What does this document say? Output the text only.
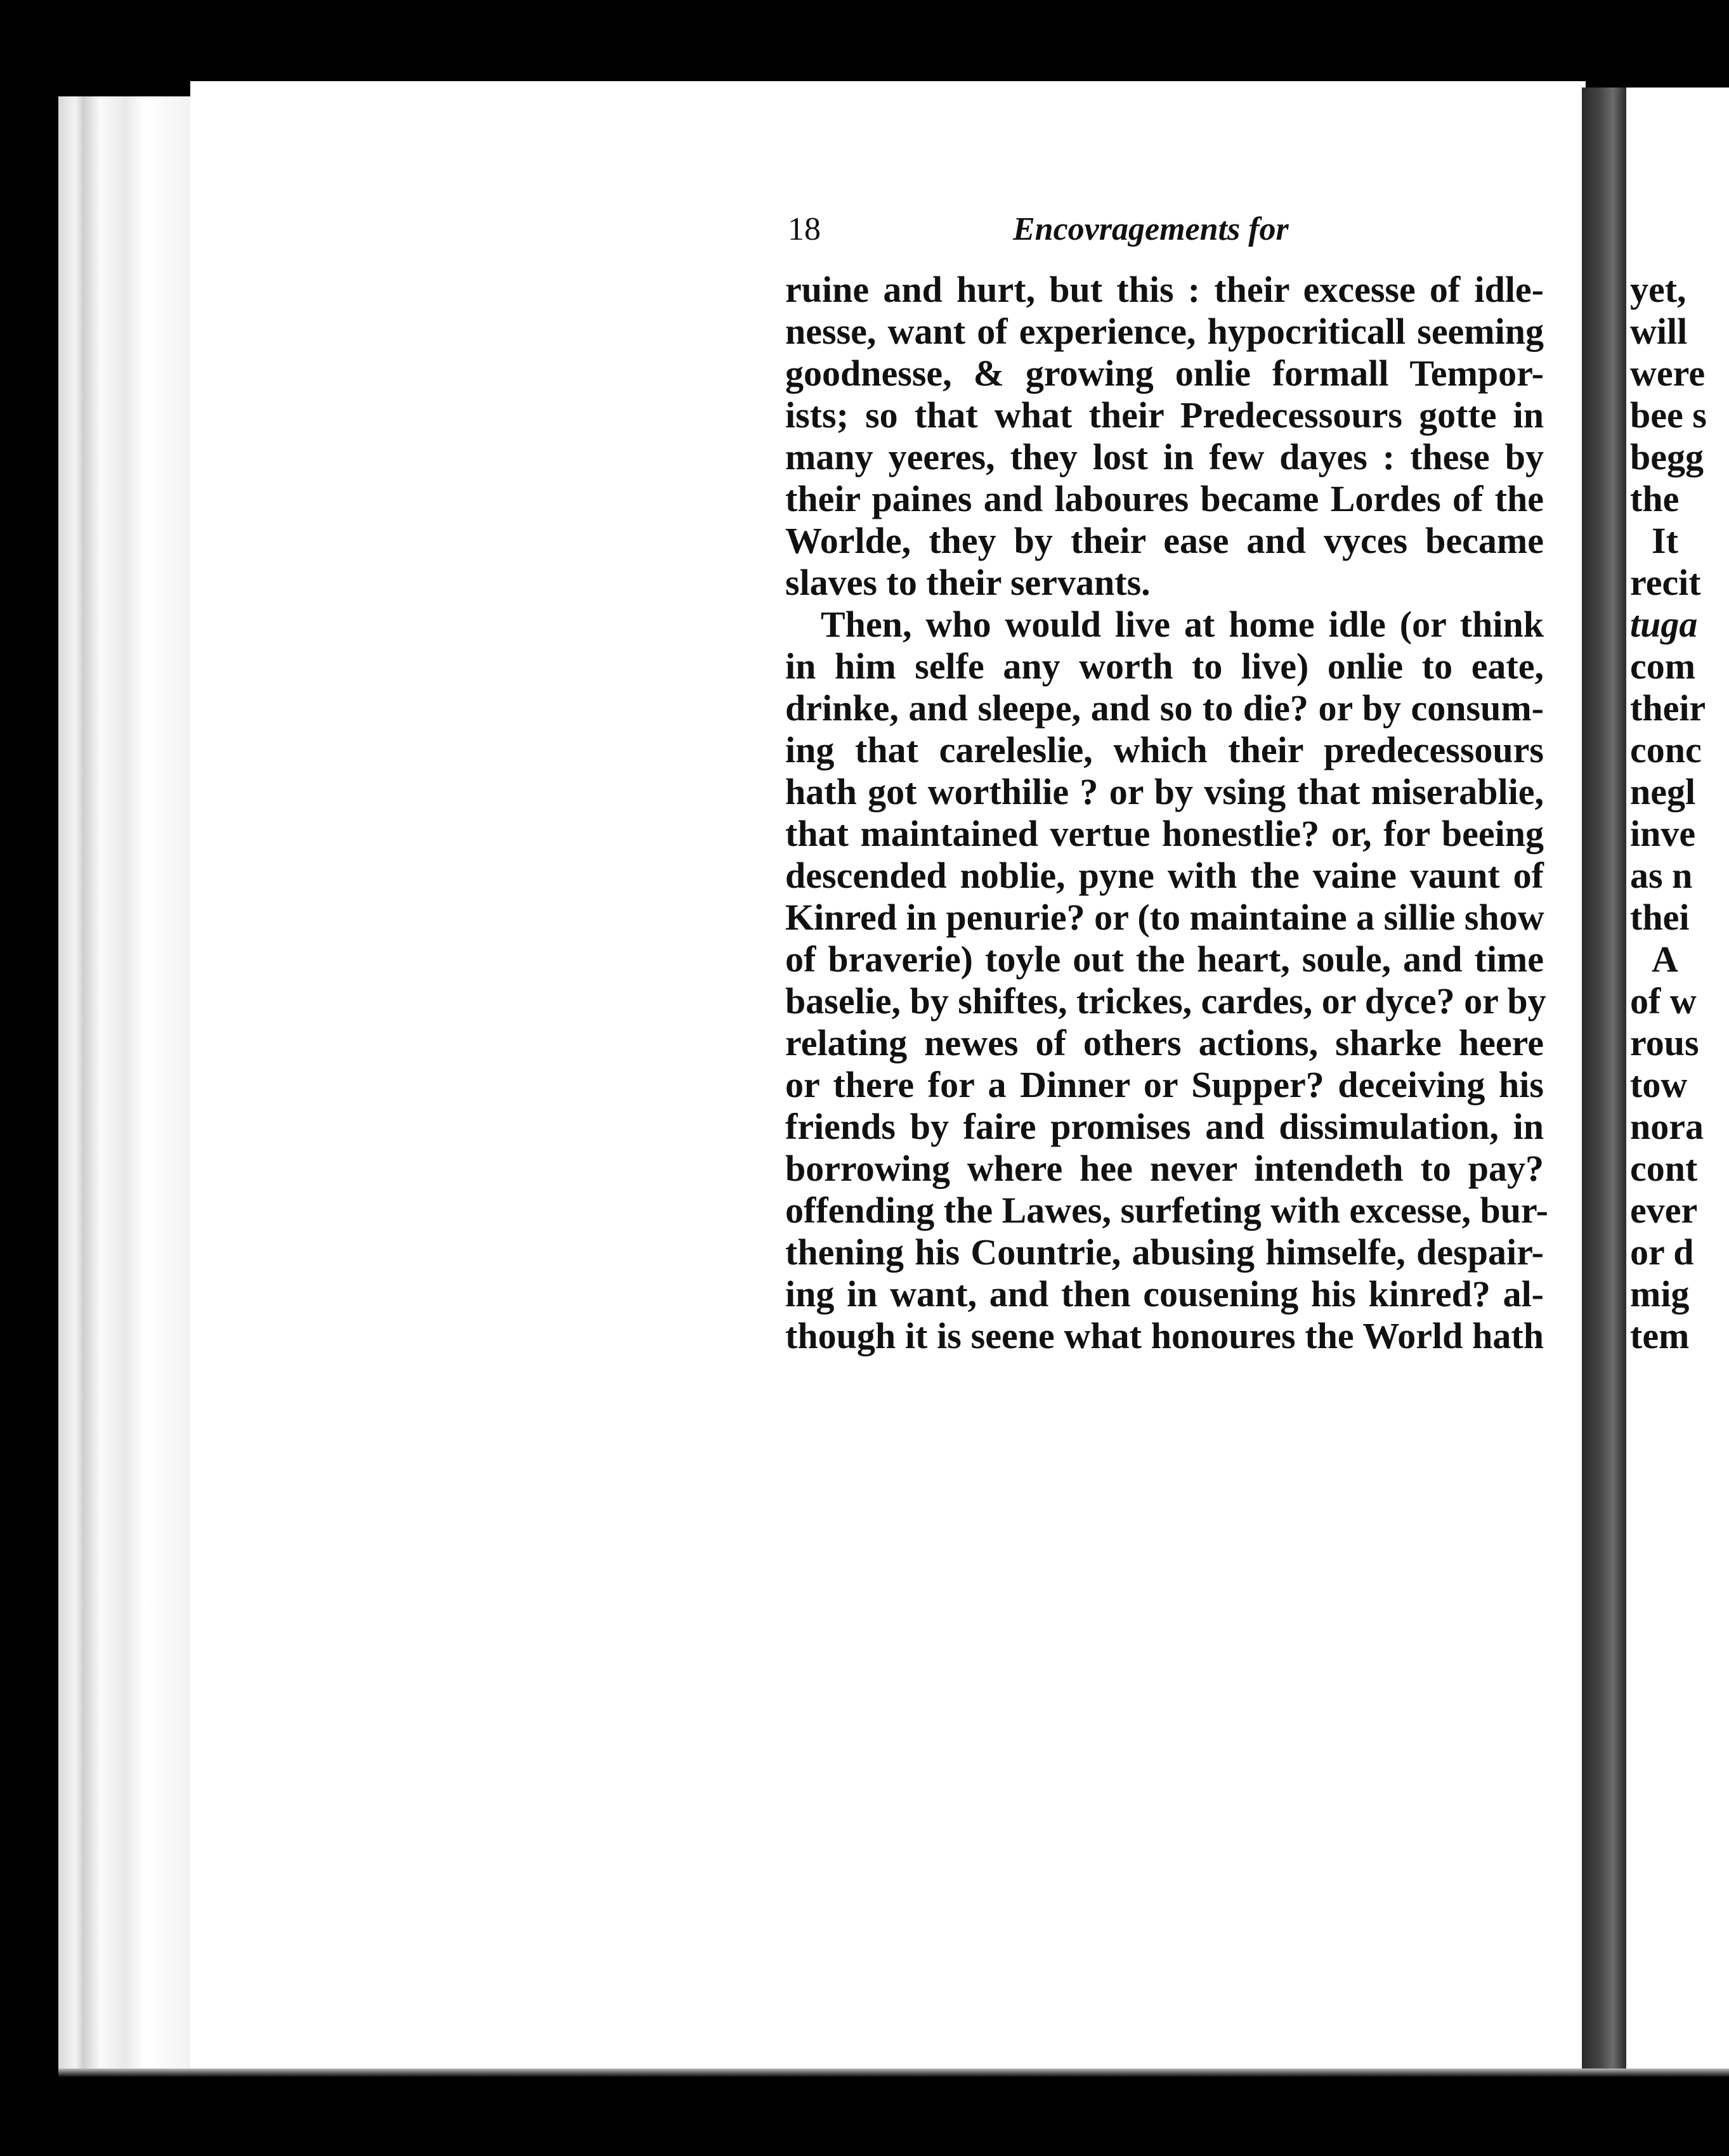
18	Encovragements for
ruine and hurt, but this : their excesse of idle-
nesse, want of experience, hypocriticall seeming
goodnesse, & growing onlie formall Tempor-
ists; so that what their Predecessours gotte in
many yeeres, they lost in few dayes : these by
their paines and laboures became Lordes of the
Worlde, they by their ease and vyces became
slaves to their servants.
Then, who would live at home idle (or think
in him selfe any worth to live) onlie to eate,
drinke, and sleepe, and so to die? or by consum-
ing that careleslie, which their predecessours
hath got worthilie ? or by vsing that miserablie,
that maintained vertue honestlie? or, for beeing
descended noblie, pyne with the vaine vaunt of
Kinred in penurie? or (to maintaine a sillie show
of braverie) toyle out the heart, soule, and time
baselie, by shiftes, trickes, cardes, or dyce? or by
relating newes of others actions, sharke heere
or there for a Dinner or Supper? deceiving his
friends by faire promises and dissimulation, in
borrowing where hee never intendeth to pay?
offending the Lawes, surfeting with excesse, bur-
thening his Countrie, abusing himselfe, despair-
ing in want, and then cousening his kinred? al-
though it is seene what honoures the World hath
yet,
will
were
bee s
begg
the
It
recit
tuga
com
their
conc
negl
inve
as n
thei
A
of w
rous
tow
nora
cont
ever
or d
mig
tem
